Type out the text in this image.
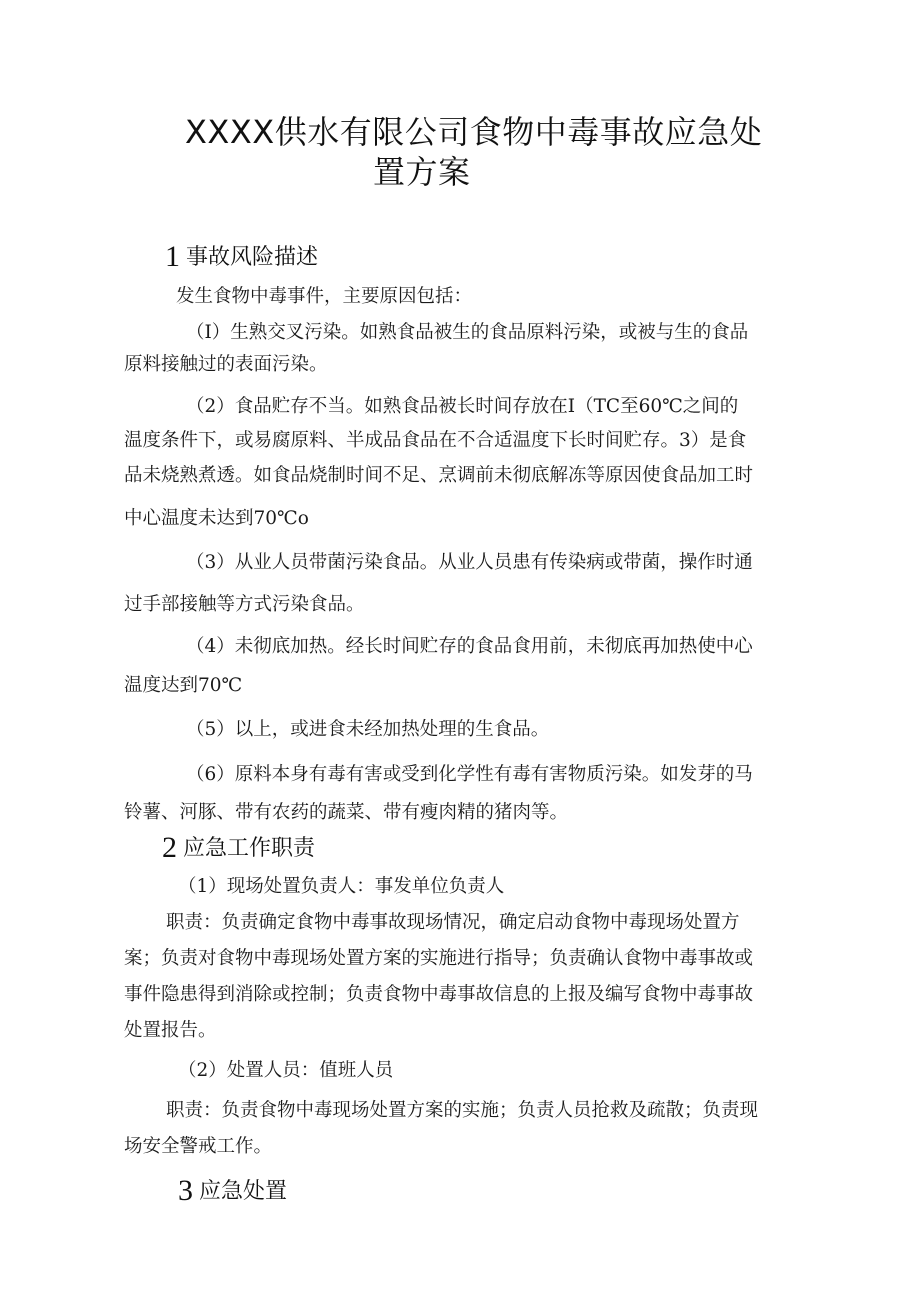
XXXX供水有限公司食物中毒事故应急处
置方案
1 事故风险描述
发生食物中毒事件，主要原因包括：
（I）生熟交叉污染。如熟食品被生的食品原料污染，或被与生的食品
原料接触过的表面污染。
（2）食品贮存不当。如熟食品被长时间存放在I（TC至60℃之间的
温度条件下，或易腐原料、半成品食品在不合适温度下长时间贮存。3）是食
品未烧熟煮透。如食品烧制时间不足、烹调前未彻底解冻等原因使食品加工时
中心温度未达到70℃o
（3）从业人员带菌污染食品。从业人员患有传染病或带菌，操作时通
过手部接触等方式污染食品。
（4）未彻底加热。经长时间贮存的食品食用前，未彻底再加热使中心
温度达到70℃
（5）以上，或进食未经加热处理的生食品。
（6）原料本身有毒有害或受到化学性有毒有害物质污染。如发芽的马
铃薯、河豚、带有农药的蔬菜、带有瘦肉精的猪肉等。
2 应急工作职责
（1）现场处置负责人：事发单位负责人
职责：负责确定食物中毒事故现场情况，确定启动食物中毒现场处置方
案；负责对食物中毒现场处置方案的实施进行指导；负责确认食物中毒事故或
事件隐患得到消除或控制；负责食物中毒事故信息的上报及编写食物中毒事故
处置报告。
（2）处置人员：值班人员
职责：负责食物中毒现场处置方案的实施；负责人员抢救及疏散；负责现
场安全警戒工作。
3 应急处置
